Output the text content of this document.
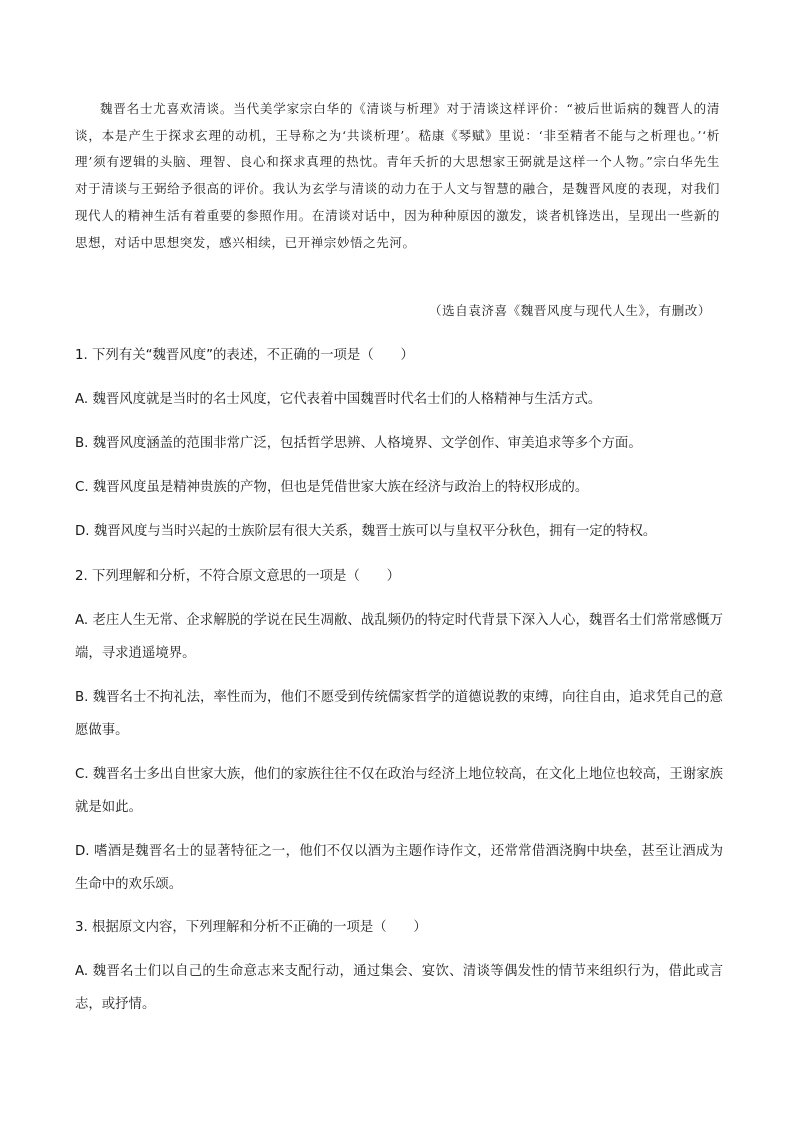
魏晋名士尤喜欢清谈。当代美学家宗白华的《清谈与析理》对于清谈这样评价：“被后世诟病的魏晋人的清谈，本是产生于探求玄理的动机，王导称之为‘共谈析理’。嵇康《琴赋》里说：‘非至精者不能与之析理也。’‘析理’须有逻辑的头脑、理智、良心和探求真理的热忱。青年夭折的大思想家王弼就是这样一个人物。”宗白华先生对于清谈与王弼给予很高的评价。我认为玄学与清谈的动力在于人文与智慧的融合，是魏晋风度的表现，对我们现代人的精神生活有着重要的参照作用。在清谈对话中，因为种种原因的激发，谈者机锋迭出，呈现出一些新的思想，对话中思想突发，感兴相续，已开禅宗妙悟之先河。

（选自袁济喜《魏晋风度与现代人生》，有删改）

1. 下列有关“魏晋风度”的表述，不正确的一项是（　　）

A. 魏晋风度就是当时的名士风度，它代表着中国魏晋时代名士们的人格精神与生活方式。

B. 魏晋风度涵盖的范围非常广泛，包括哲学思辨、人格境界、文学创作、审美追求等多个方面。

C. 魏晋风度虽是精神贵族的产物，但也是凭借世家大族在经济与政治上的特权形成的。

D. 魏晋风度与当时兴起的士族阶层有很大关系，魏晋士族可以与皇权平分秋色，拥有一定的特权。

2. 下列理解和分析，不符合原文意思的一项是（　　）

A. 老庄人生无常、企求解脱的学说在民生凋敝、战乱频仍的特定时代背景下深入人心，魏晋名士们常常感慨万端，寻求逍遥境界。

B. 魏晋名士不拘礼法，率性而为，他们不愿受到传统儒家哲学的道德说教的束缚，向往自由，追求凭自己的意愿做事。

C. 魏晋名士多出自世家大族，他们的家族往往不仅在政治与经济上地位较高，在文化上地位也较高，王谢家族就是如此。

D. 嗜酒是魏晋名士的显著特征之一，他们不仅以酒为主题作诗作文，还常常借酒浇胸中块垒，甚至让酒成为生命中的欢乐颂。

3. 根据原文内容，下列理解和分析不正确的一项是（　　）

A. 魏晋名士们以自己的生命意志来支配行动，通过集会、宴饮、清谈等偶发性的情节来组织行为，借此或言志，或抒情。
